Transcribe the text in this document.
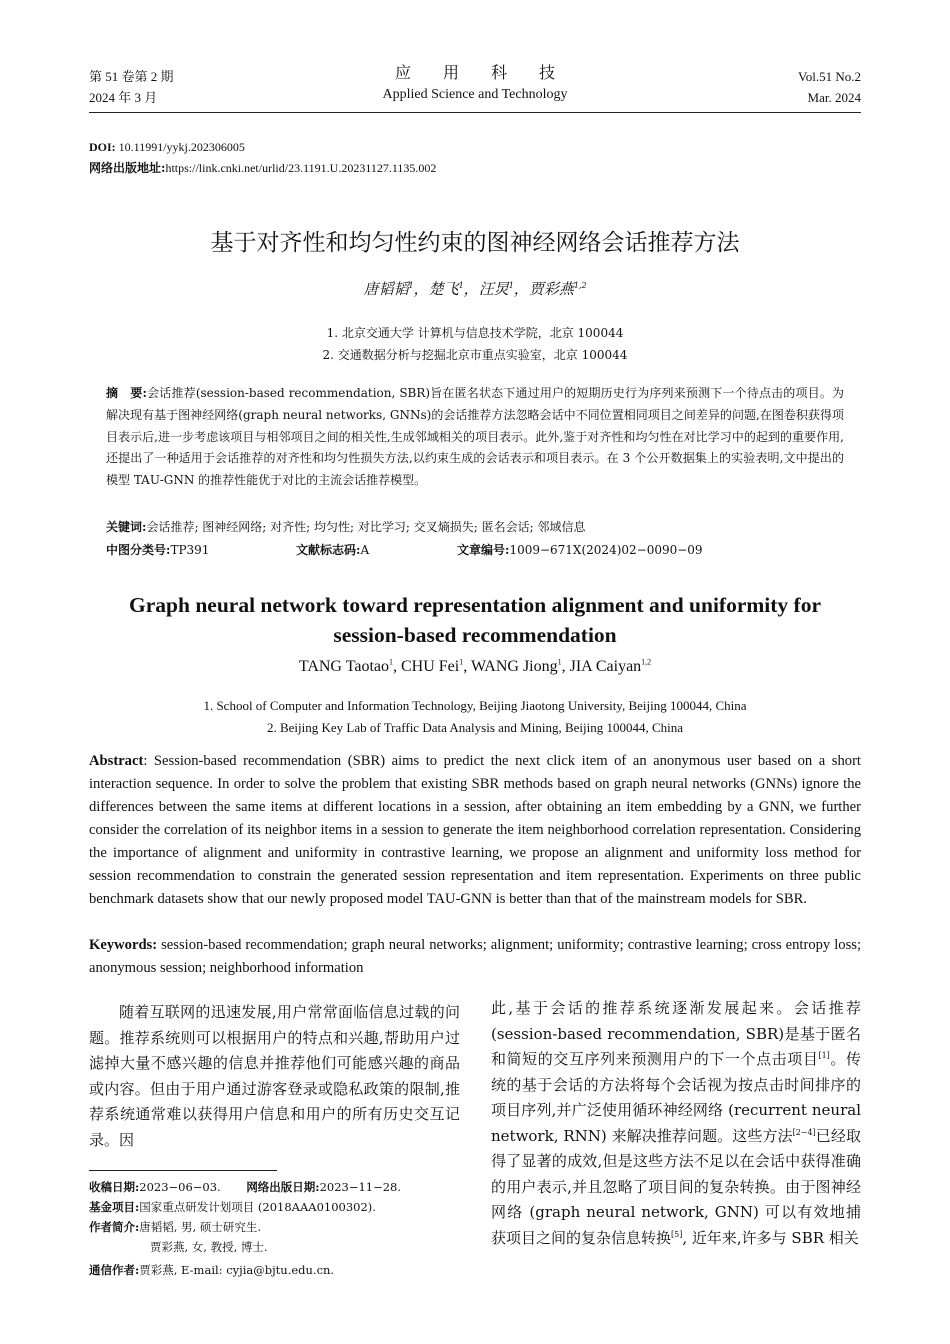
第 51 卷第 2 期
2024 年 3 月
应　　用　　科　　技
Applied Science and Technology
Vol.51 No.2
Mar. 2024
DOI: 10.11991/yykj.202306005
网络出版地址:https://link.cnki.net/urlid/23.1191.U.20231127.1135.002
基于对齐性和均匀性约束的图神经网络会话推荐方法
唐韬韬$^1$，楚飞$^1$，汪炅$^1$，贾彩燕$^{1,2}$
1. 北京交通大学 计算机与信息技术学院，北京 100044
2. 交通数据分析与挖掘北京市重点实验室，北京 100044
摘　要:会话推荐(session-based recommendation, SBR)旨在匿名状态下通过用户的短期历史行为序列来预测下一个待点击的项目。为解决现有基于图神经网络(graph neural networks, GNNs)的会话推荐方法忽略会话中不同位置相同项目之间差异的问题,在图卷积获得项目表示后,进一步考虑该项目与相邻项目之间的相关性,生成邻域相关的项目表示。此外,鉴于对齐性和均匀性在对比学习中的起到的重要作用,还提出了一种适用于会话推荐的对齐性和均匀性损失方法,以约束生成的会话表示和项目表示。在 3 个公开数据集上的实验表明,文中提出的模型 TAU-GNN 的推荐性能优于对比的主流会话推荐模型。
关键词:会话推荐; 图神经网络; 对齐性; 均匀性; 对比学习; 交叉熵损失; 匿名会话; 邻域信息
中图分类号:TP391	文献标志码:A	文章编号:1009−671X(2024)02−0090−09
Graph neural network toward representation alignment and uniformity for
session-based recommendation
TANG Taotao$^1$, CHU Fei$^1$, WANG Jiong$^1$, JIA Caiyan$^{1,2}$
1. School of Computer and Information Technology, Beijing Jiaotong University, Beijing 100044, China
2. Beijing Key Lab of Traffic Data Analysis and Mining, Beijing 100044, China
Abstract: Session-based recommendation (SBR) aims to predict the next click item of an anonymous user based on a short interaction sequence. In order to solve the problem that existing SBR methods based on graph neural networks (GNNs) ignore the differences between the same items at different locations in a session, after obtaining an item embedding by a GNN, we further consider the correlation of its neighbor items in a session to generate the item neighborhood correlation representation. Considering the importance of alignment and uniformity in contrastive learning, we propose an alignment and uniformity loss method for session recommendation to constrain the generated session representation and item representation. Experiments on three public benchmark datasets show that our newly proposed model TAU-GNN is better than that of the mainstream models for SBR.
Keywords: session-based recommendation; graph neural networks; alignment; uniformity; contrastive learning; cross entropy loss; anonymous session; neighborhood information
随着互联网的迅速发展,用户常常面临信息过载的问题。推荐系统则可以根据用户的特点和兴趣,帮助用户过滤掉大量不感兴趣的信息并推荐他们可能感兴趣的商品或内容。但由于用户通过游客登录或隐私政策的限制,推荐系统通常难以获得用户信息和用户的所有历史交互记录。因
收稿日期:2023−06−03. 网络出版日期:2023−11−28.
基金项目:国家重点研发计划项目 (2018AAA0100302).
作者简介:唐韬韬, 男, 硕士研究生.
贾彩燕, 女, 教授, 博士.
通信作者:贾彩燕, E-mail: cyjia@bjtu.edu.cn.
此,基于会话的推荐系统逐渐发展起来。会话推荐(session-based recommendation, SBR)是基于匿名和简短的交互序列来预测用户的下一个点击项目[1]。传统的基于会话的方法将每个会话视为按点击时间排序的项目序列,并广泛使用循环神经网络 (recurrent neural network, RNN) 来解决推荐问题。这些方法[2−4]已经取得了显著的成效,但是这些方法不足以在会话中获得准确的用户表示,并且忽略了项目间的复杂转换。由于图神经网络 (graph neural network, GNN) 可以有效地捕获项目之间的复杂信息转换[5], 近年来,许多与 SBR 相关
